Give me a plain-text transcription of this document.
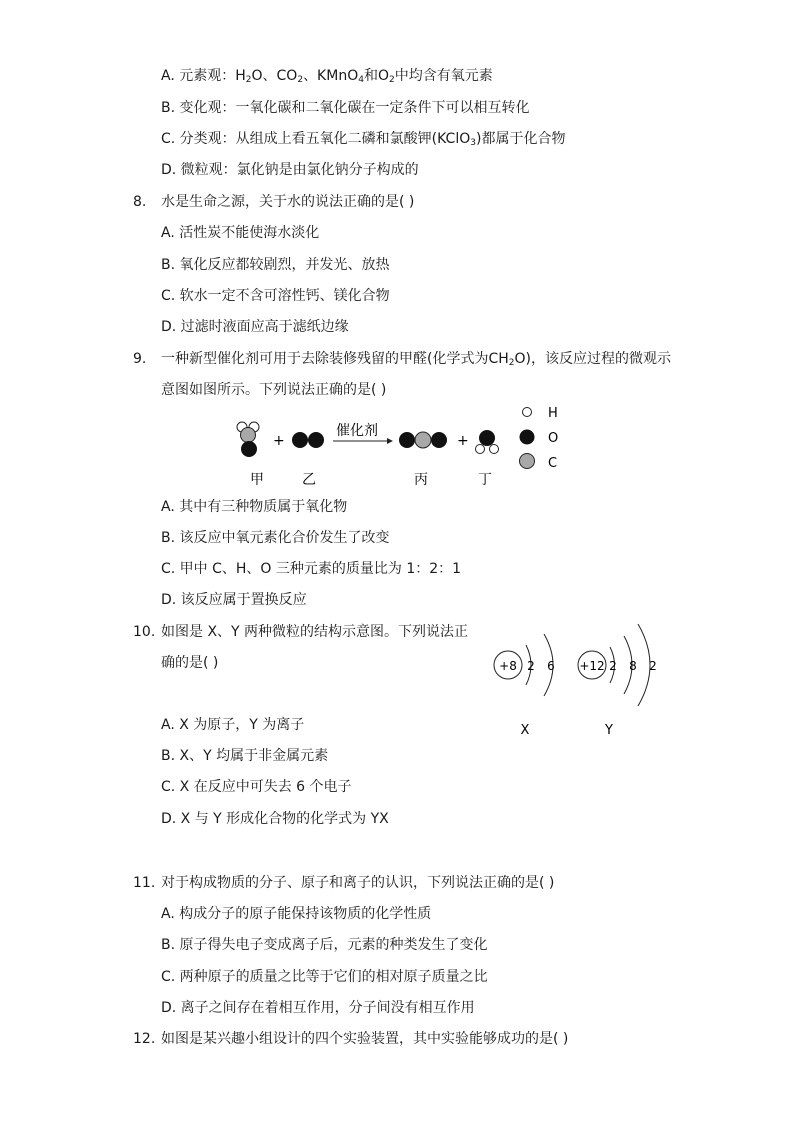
A. 元素观：$H_2O$、$CO_2$、KMnO$_4$和$O_2$中均含有氧元素
B. 变化观：一氧化碳和二氧化碳在一定条件下可以相互转化
C. 分类观：从组成上看五氧化二磷和氯酸钾(KClO$_3$)都属于化合物
D. 微粒观：氯化钠是由氯化钠分子构成的
8. 水是生命之源，关于水的说法正确的是( )
A. 活性炭不能使海水淡化
B. 氧化反应都较剧烈，并发光、放热
C. 软水一定不含可溶性钙、镁化合物
D. 过滤时液面应高于滤纸边缘
9. 一种新型催化剂可用于去除装修残留的甲醛(化学式为$CH_2O$)，该反应过程的微观示
意图如图所示。下列说法正确的是( )
+
催化剂
+
甲	乙	丙	丁
H
O
C
A. 其中有三种物质属于氧化物
B. 该反应中氧元素化合价发生了改变
C. 甲中 C、H、O 三种元素的质量比为 1：2：1
D. 该反应属于置换反应
10. 如图是 X、Y 两种微粒的结构示意图。下列说法正
确的是( )	+8 2 6
X
+12 2 8 2
Y
A. X 为原子，Y 为离子
B. X、Y 均属于非金属元素
C. X 在反应中可失去 6 个电子
D. X 与 Y 形成化合物的化学式为 YX
11. 对于构成物质的分子、原子和离子的认识，下列说法正确的是( )
A. 构成分子的原子能保持该物质的化学性质
B. 原子得失电子变成离子后，元素的种类发生了变化
C. 两种原子的质量之比等于它们的相对原子质量之比
D. 离子之间存在着相互作用，分子间没有相互作用
12. 如图是某兴趣小组设计的四个实验装置，其中实验能够成功的是( )
